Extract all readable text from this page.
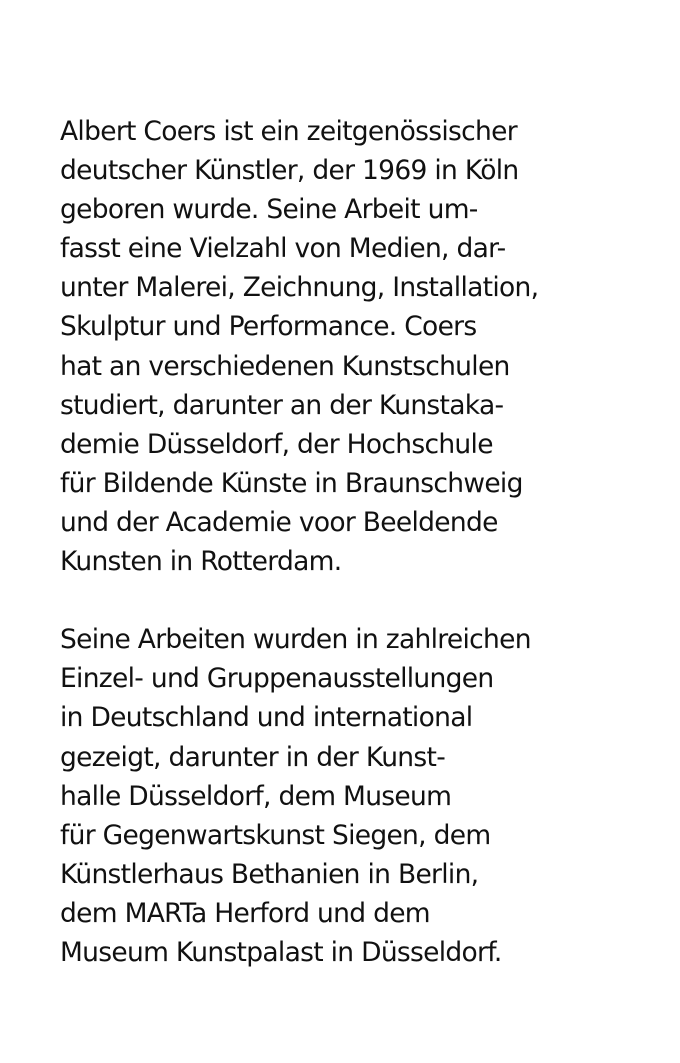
Albert Coers ist ein zeitgenössischer
deutscher Künstler, der 1969 in Köln
geboren wurde. Seine Arbeit um-
fasst eine Vielzahl von Medien, dar-
unter Malerei, Zeichnung, Installation,
Skulptur und Performance. Coers
hat an verschiedenen Kunstschulen
studiert, darunter an der Kunstaka-
demie Düsseldorf, der Hochschule
für Bildende Künste in Braunschweig
und der Academie voor Beeldende
Kunsten in Rotterdam.

Seine Arbeiten wurden in zahlreichen
Einzel- und Gruppenausstellungen
in Deutschland und international
gezeigt, darunter in der Kunst-
halle Düsseldorf, dem Museum
für Gegenwartskunst Siegen, dem
Künstlerhaus Bethanien in Berlin,
dem MARTa Herford und dem
Museum Kunstpalast in Düsseldorf.
